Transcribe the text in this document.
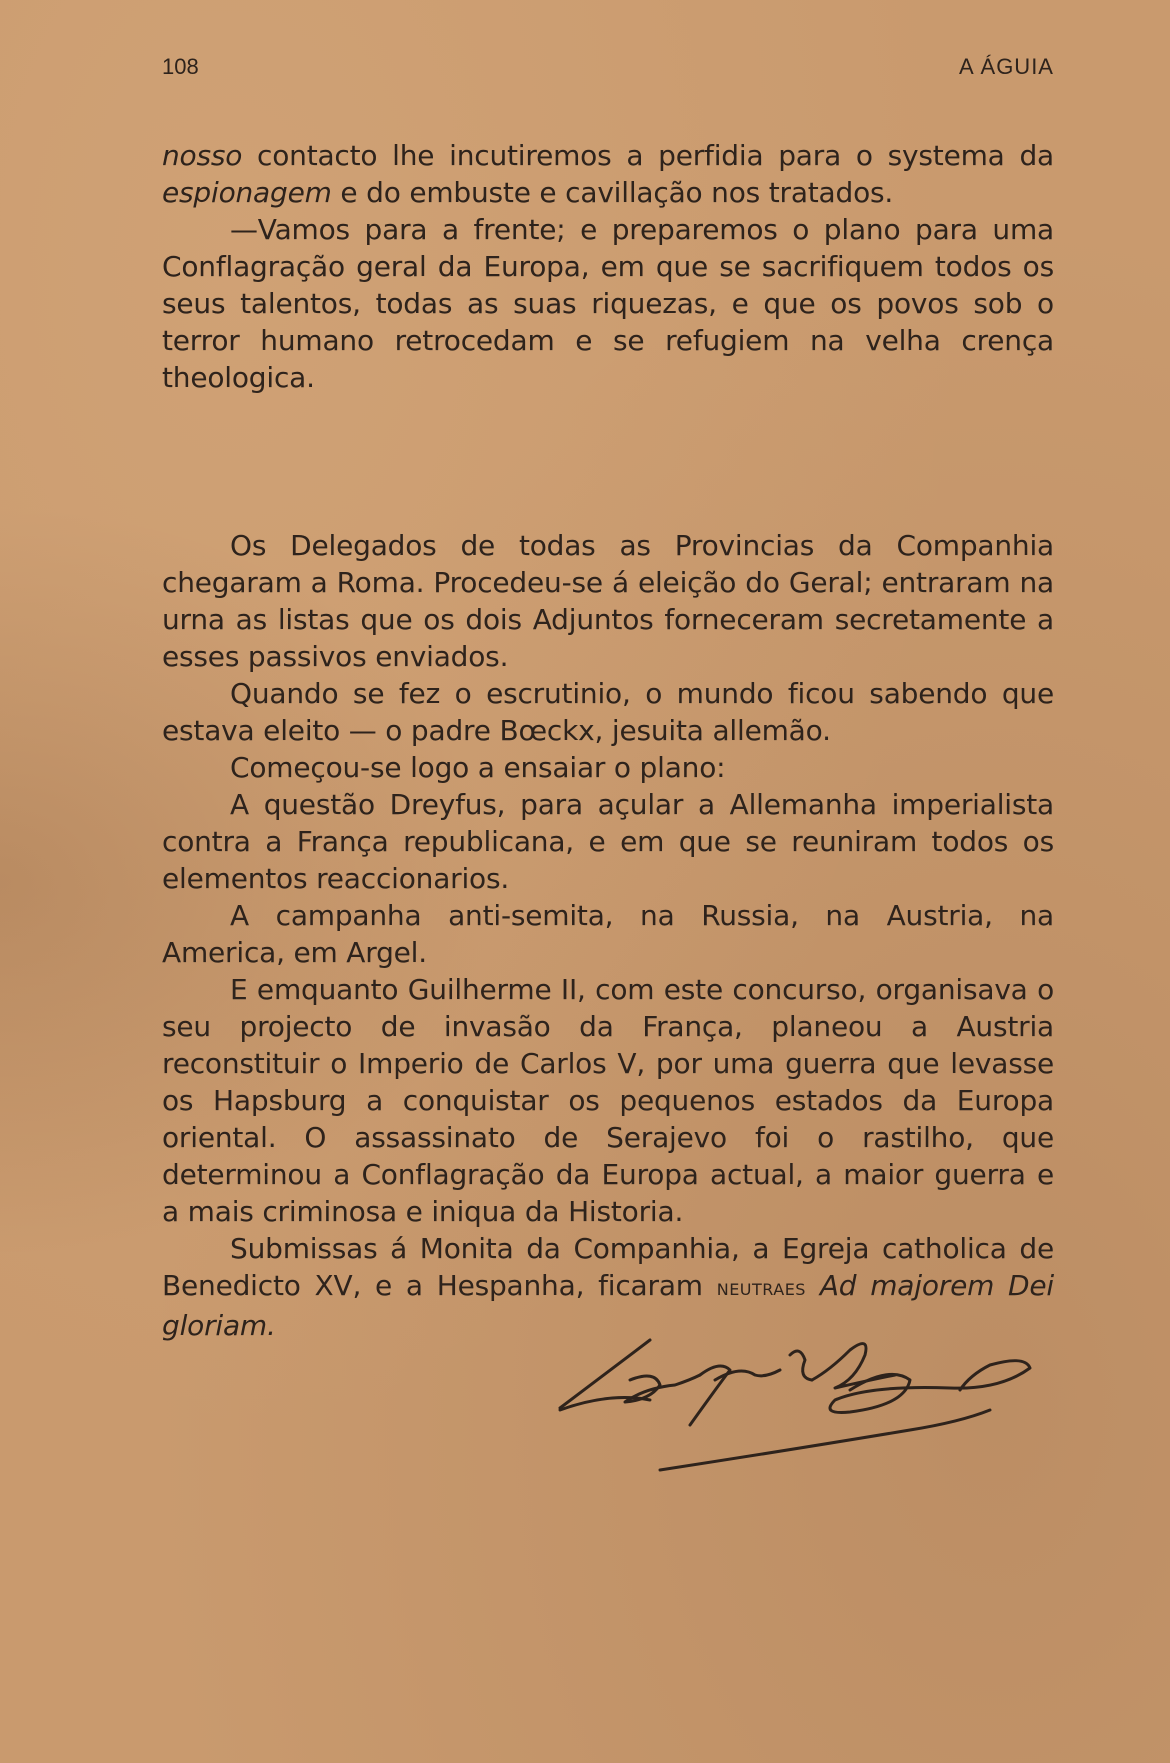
108	A ÁGUIA

nosso contacto lhe incutiremos a perfidia para o systema da espionagem e do embuste e cavillação nos tratados.

—Vamos para a frente; e preparemos o plano para uma Conflagração geral da Europa, em que se sacrifiquem todos os seus talentos, todas as suas riquezas, e que os povos sob o terror humano retrocedam e se refugiem na velha crença theologica.

Os Delegados de todas as Provincias da Companhia chegaram a Roma. Procedeu-se á eleição do Geral; entraram na urna as listas que os dois Adjuntos forneceram secretamente a esses passivos enviados.

Quando se fez o escrutinio, o mundo ficou sabendo que estava eleito — o padre Bœckx, jesuita allemão.

Começou-se logo a ensaiar o plano:

A questão Dreyfus, para açular a Allemanha imperialista contra a França republicana, e em que se reuniram todos os elementos reaccionarios.

A campanha anti-semita, na Russia, na Austria, na America, em Argel.

E emquanto Guilherme II, com este concurso, organisava o seu projecto de invasão da França, planeou a Austria reconstituir o Imperio de Carlos V, por uma guerra que levasse os Hapsburg a conquistar os pequenos estados da Europa oriental. O assassinato de Serajevo foi o rastilho, que determinou a Conflagração da Europa actual, a maior guerra e a mais criminosa e iniqua da Historia.

Submissas á Monita da Companhia, a Egreja catholica de Benedicto XV, e a Hespanha, ficaram neutraes Ad majorem Dei gloriam.
